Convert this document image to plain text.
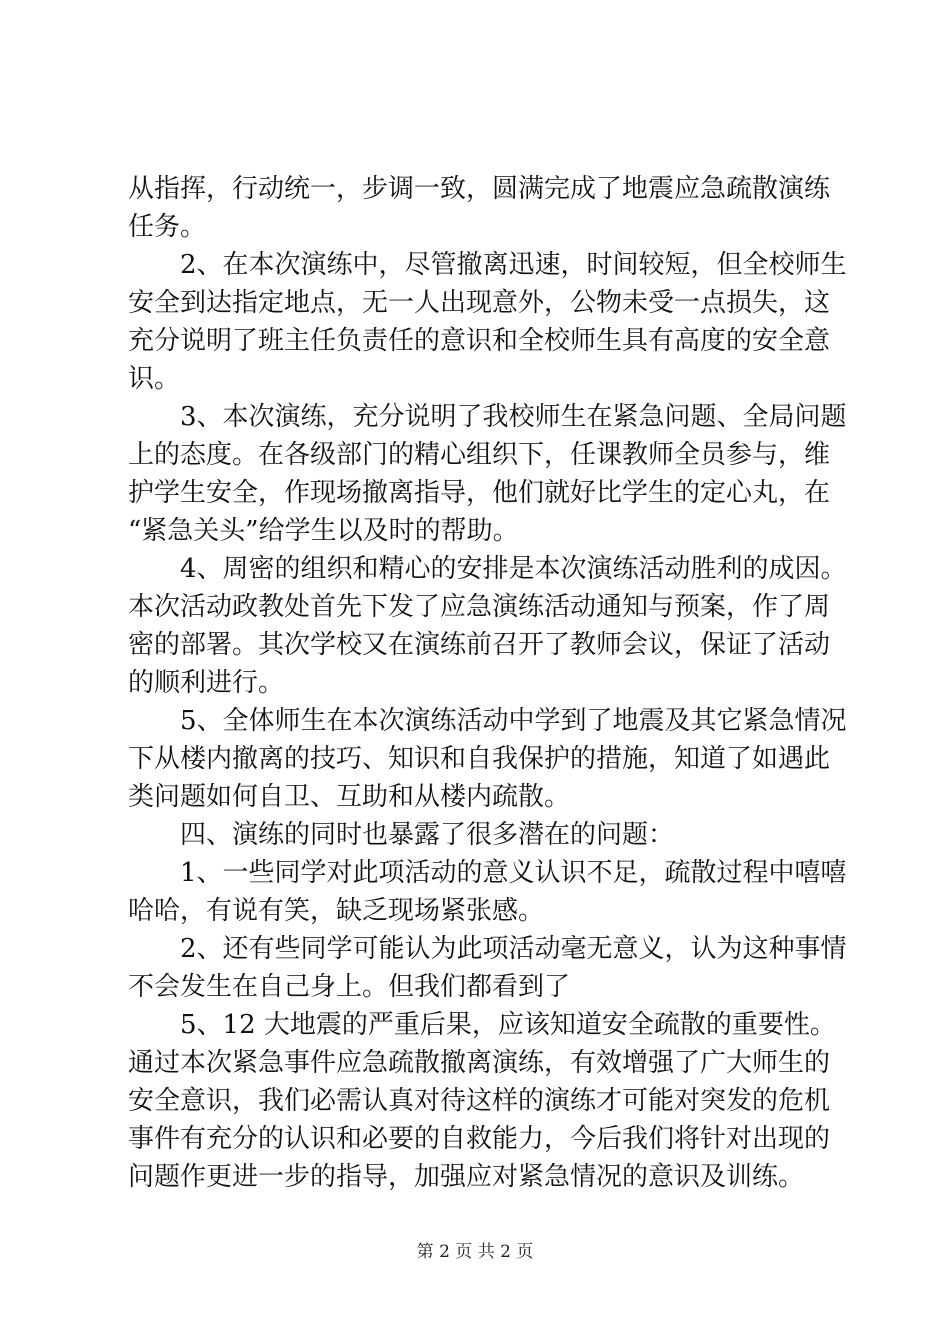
从指挥，行动统一，步调一致，圆满完成了地震应急疏散演练
任务。
2、在本次演练中，尽管撤离迅速，时间较短，但全校师生
安全到达指定地点，无一人出现意外，公物未受一点损失，这
充分说明了班主任负责任的意识和全校师生具有高度的安全意
识。
3、本次演练，充分说明了我校师生在紧急问题、全局问题
上的态度。在各级部门的精心组织下，任课教师全员参与，维
护学生安全，作现场撤离指导，他们就好比学生的定心丸，在
“紧急关头”给学生以及时的帮助。
4、周密的组织和精心的安排是本次演练活动胜利的成因。
本次活动政教处首先下发了应急演练活动通知与预案，作了周
密的部署。其次学校又在演练前召开了教师会议，保证了活动
的顺利进行。
5、全体师生在本次演练活动中学到了地震及其它紧急情况
下从楼内撤离的技巧、知识和自我保护的措施，知道了如遇此
类问题如何自卫、互助和从楼内疏散。
四、演练的同时也暴露了很多潜在的问题：
1、一些同学对此项活动的意义认识不足，疏散过程中嘻嘻
哈哈，有说有笑，缺乏现场紧张感。
2、还有些同学可能认为此项活动毫无意义，认为这种事情
不会发生在自己身上。但我们都看到了
5、12 大地震的严重后果，应该知道安全疏散的重要性。
通过本次紧急事件应急疏散撤离演练，有效增强了广大师生的
安全意识，我们必需认真对待这样的演练才可能对突发的危机
事件有充分的认识和必要的自救能力，今后我们将针对出现的
问题作更进一步的指导，加强应对紧急情况的意识及训练。
第 2 页 共 2 页
